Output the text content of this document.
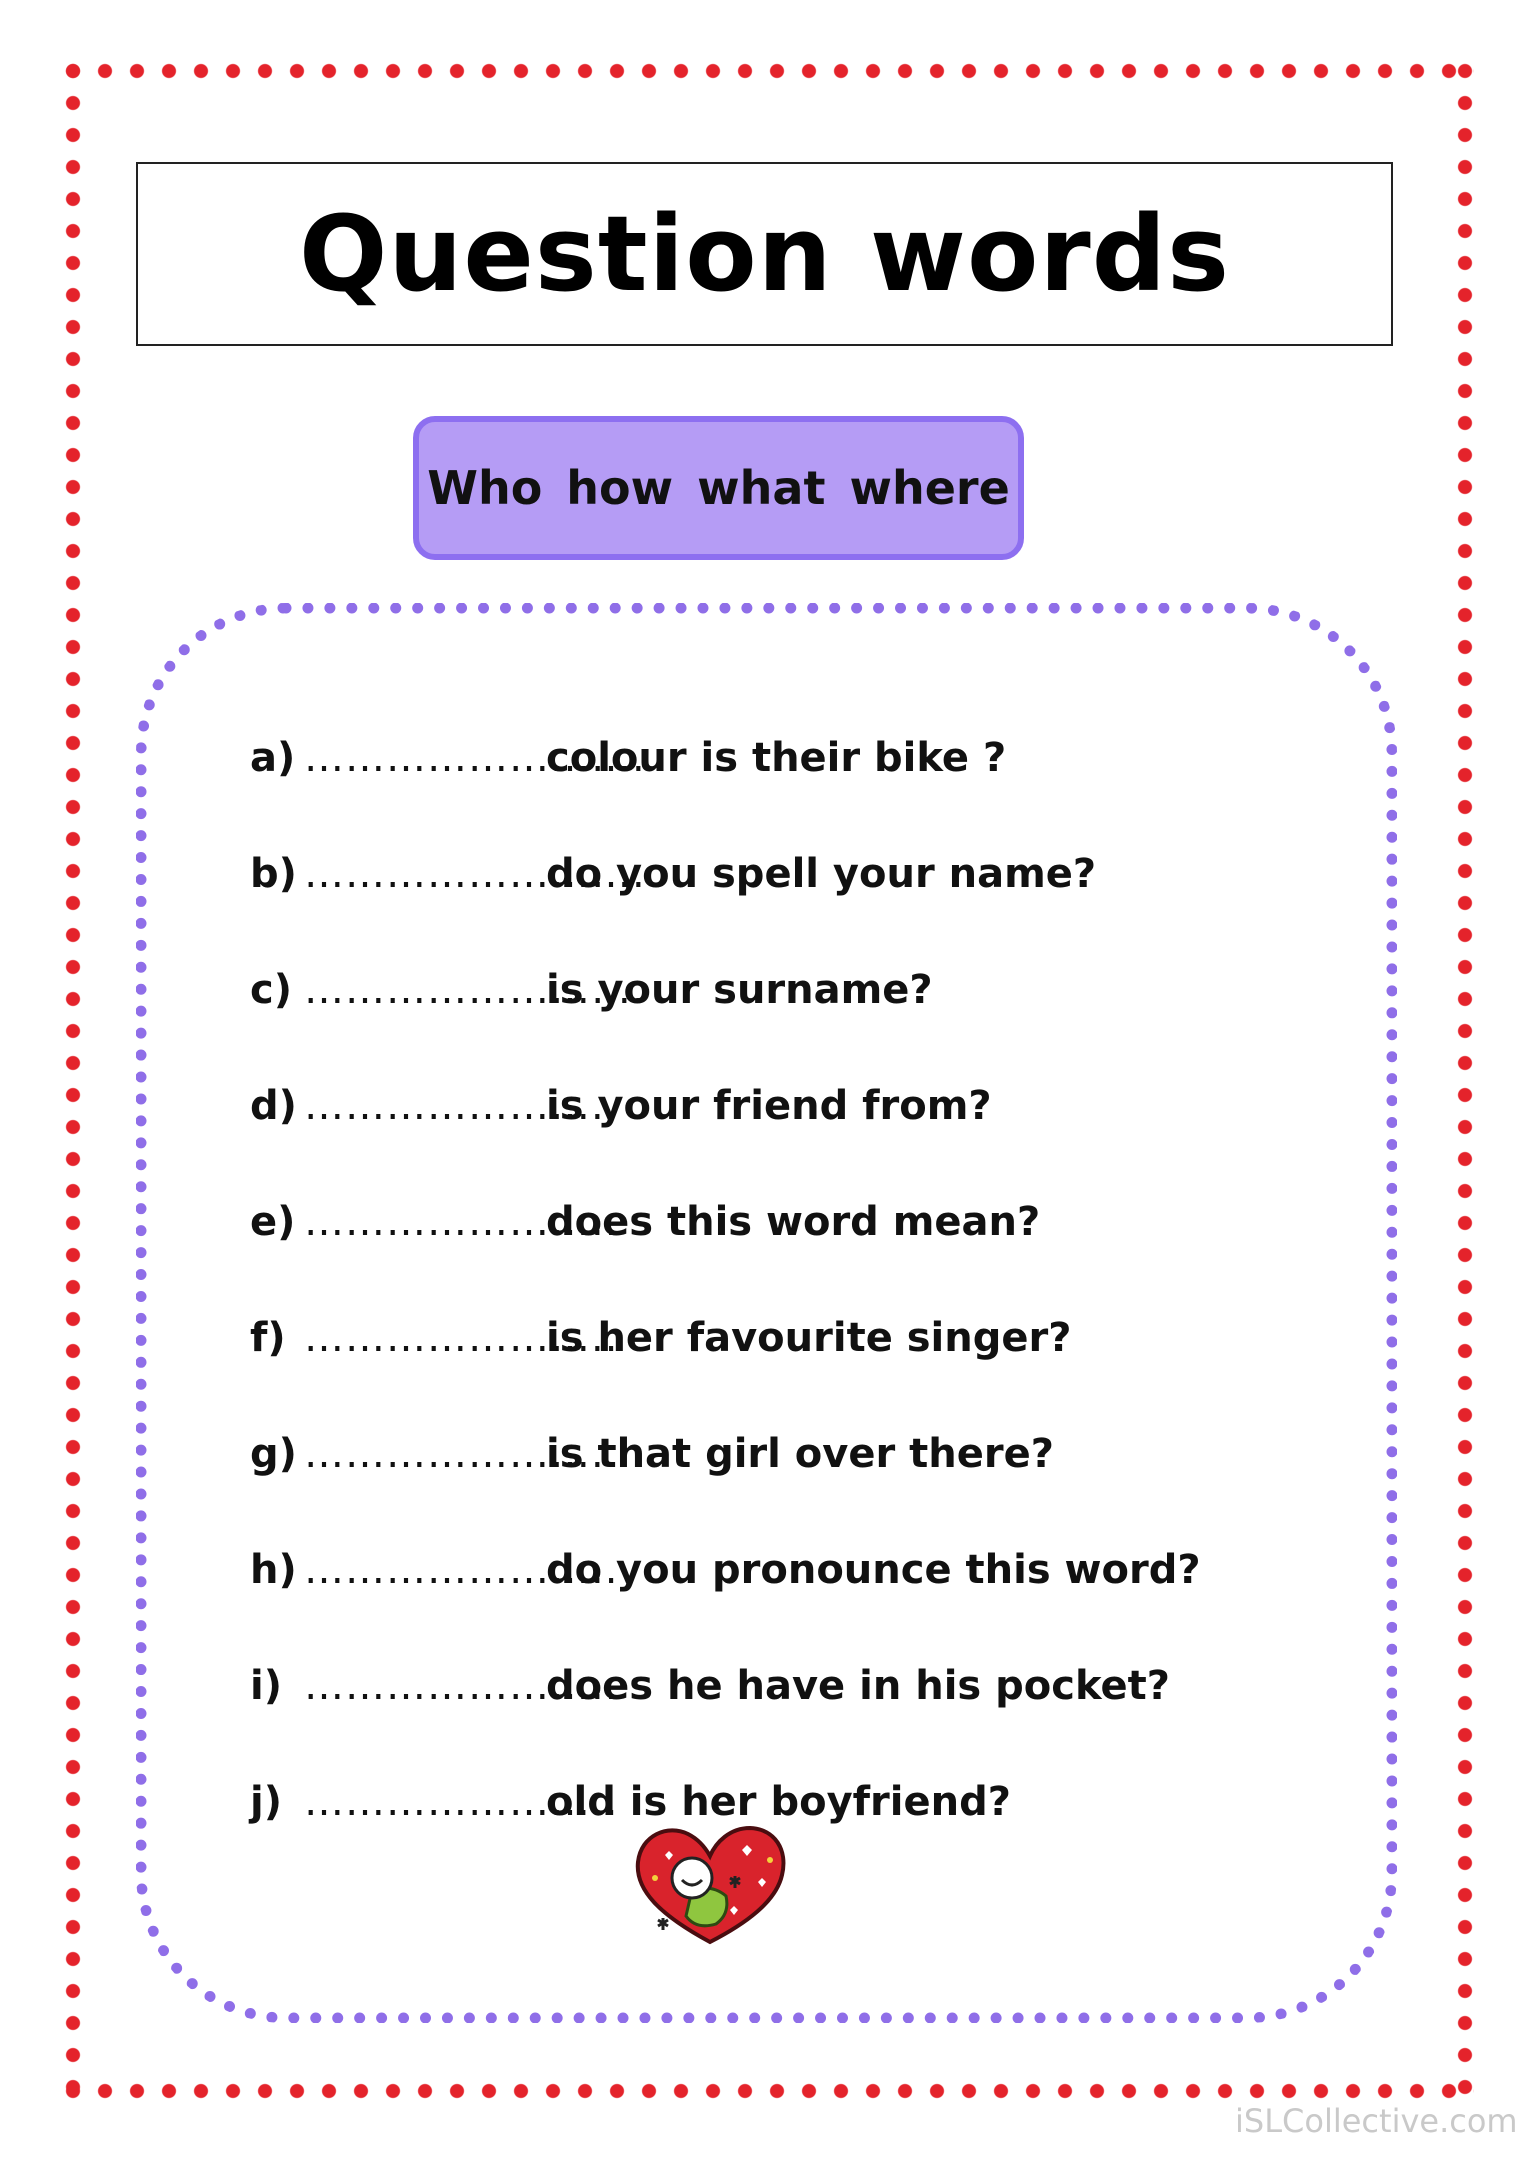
Question words
Who how what where
a) …………………….
colour is their bike ?
b) …………………….
do you spell your name?
c) …………………….
is your surname?
d) …………………..
is your friend from?
e) …………………..
does this word mean?
f) …………………..
is her favourite singer?
g) …………………..
is that girl over there?
h) …………………..
do you pronounce this word?
i) …………………..
does he have in his pocket?
j) …………………..
old is her boyfriend?
iSLCollective.com
